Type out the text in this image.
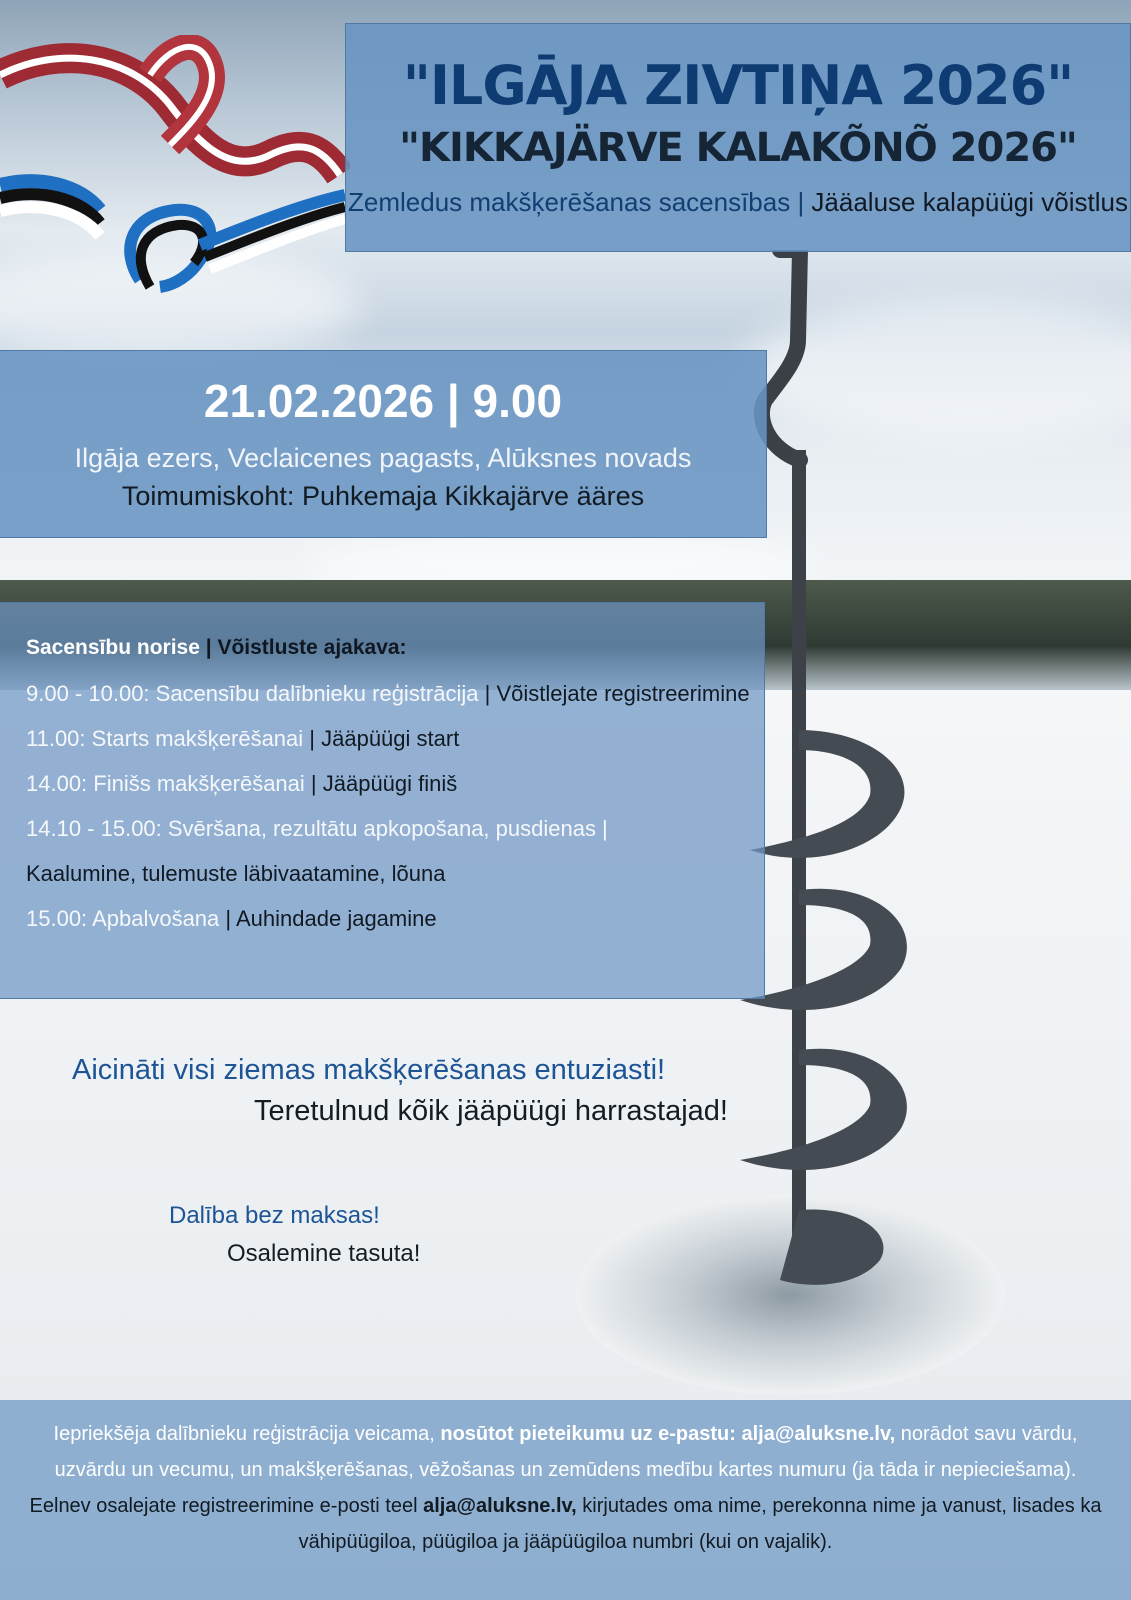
"ILGĀJA ZIVTIŅA 2026"
"KIKKAJÄRVE KALAKÕNÕ 2026"
Zemledus makšķerēšanas sacensības | Jääaluse kalapüügi võistlus
21.02.2026 | 9.00
Ilgāja ezers, Veclaicenes pagasts, Alūksnes novads
Toimumiskoht: Puhkemaja Kikkajärve ääres
Sacensību norise | Võistluste ajakava:
9.00 - 10.00: Sacensību dalībnieku reģistrācija | Võistlejate registreerimine
11.00: Starts makšķerēšanai | Jääpüügi start
14.00: Finišs makšķerēšanai | Jääpüügi finiš
14.10 - 15.00: Svēršana, rezultātu apkopošana, pusdienas |
Kaalumine, tulemuste läbivaatamine, lõuna
15.00: Apbalvošana | Auhindade jagamine
Aicināti visi ziemas makšķerēšanas entuziasti!
Teretulnud kõik jääpüügi harrastajad!
Dalība bez maksas!
Osalemine tasuta!

Iepriekšēja dalībnieku reģistrācija veicama, nosūtot pieteikumu uz e-pastu: alja@aluksne.lv, norādot savu vārdu, uzvārdu un vecumu, un makšķerēšanas, vēžošanas un zemūdens medību kartes numuru (ja tāda ir nepieciešama).

Eelnev osalejate registreerimine e-posti teel alja@aluksne.lv, kirjutades oma nime, perekonna nime ja vanust, lisades ka vähipüügiloa, püügiloa ja jääpüügiloa numbri (kui on vajalik).
